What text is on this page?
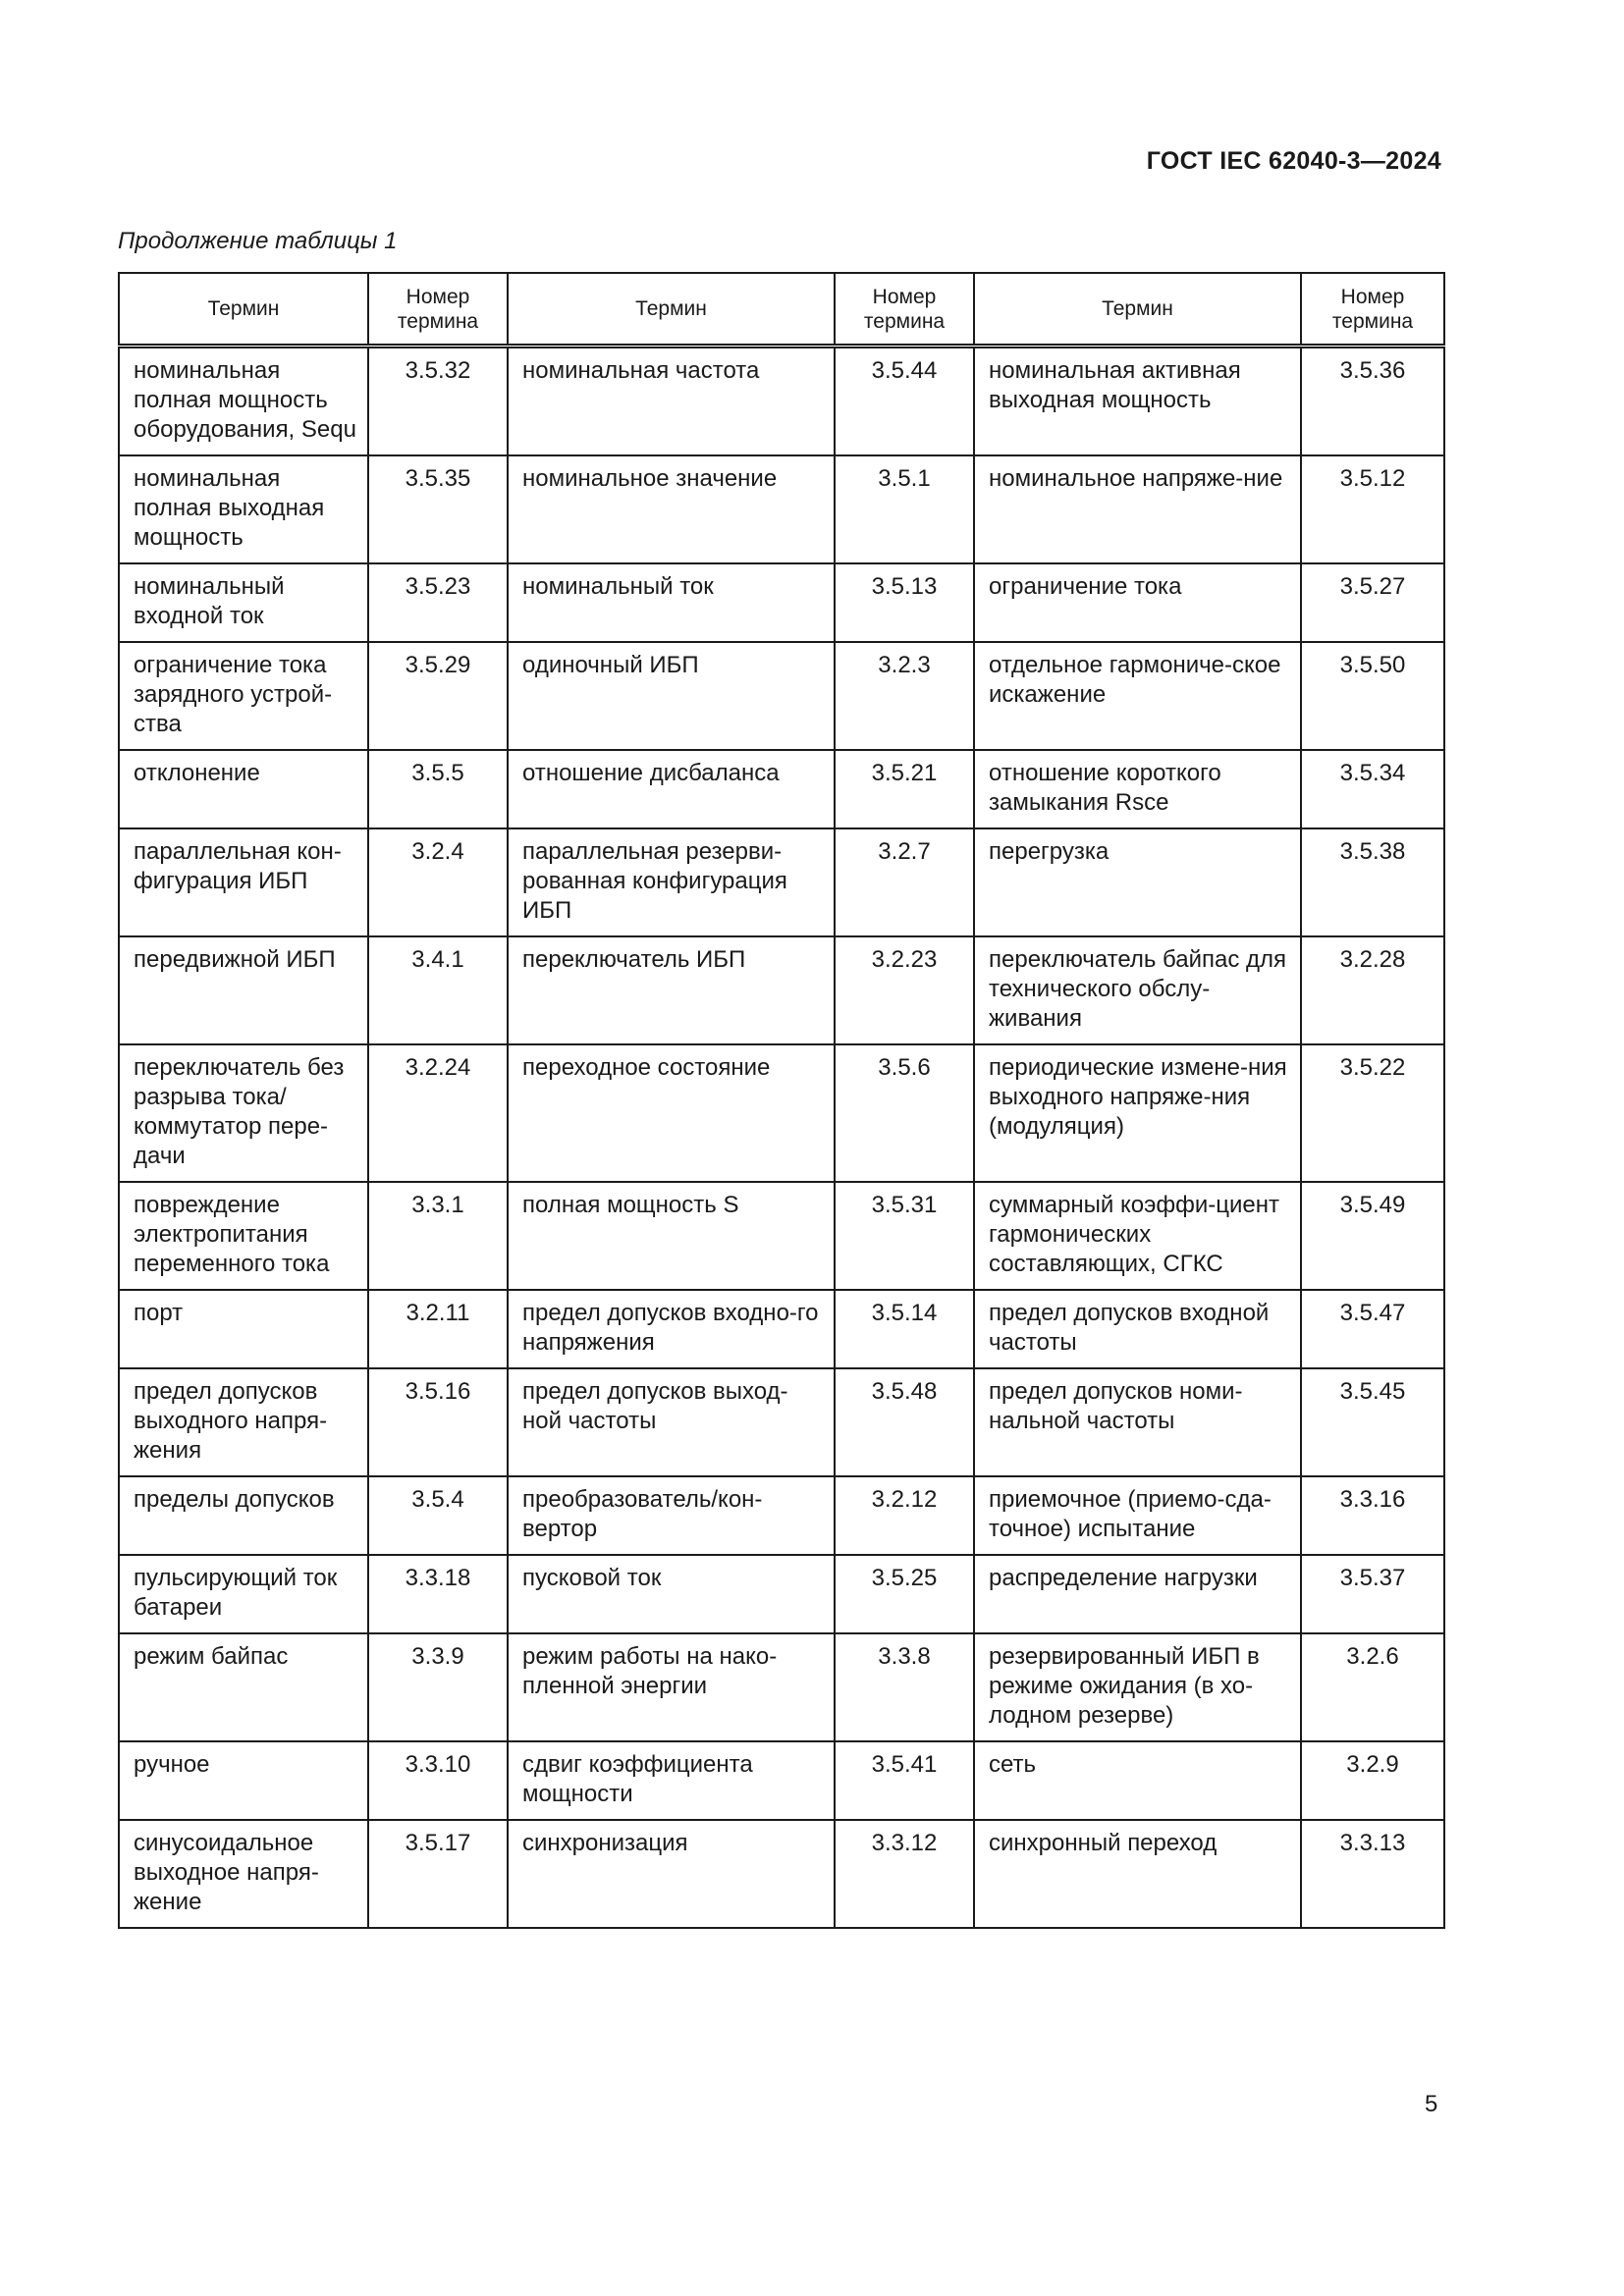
ГОСТ IEC 62040-3—2024
Продолжение таблицы 1
Термин	Номер термина	Термин	Номер термина	Термин	Номер термина
номинальная полная мощность оборудования, Sequ	3.5.32	номинальная частота	3.5.44	номинальная активная выходная мощность	3.5.36
номинальная полная выходная мощность	3.5.35	номинальное значение	3.5.1	номинальное напряже-ние	3.5.12
номинальный входной ток	3.5.23	номинальный ток	3.5.13	ограничение тока	3.5.27
ограничение тока зарядного устрой-ства	3.5.29	одиночный ИБП	3.2.3	отдельное гармониче-ское искажение	3.5.50
отклонение	3.5.5	отношение дисбаланса	3.5.21	отношение короткого замыкания Rsce	3.5.34
параллельная кон-фигурация ИБП	3.2.4	параллельная резерви-рованная конфигурация ИБП	3.2.7	перегрузка	3.5.38
передвижной ИБП	3.4.1	переключатель ИБП	3.2.23	переключатель байпас для технического обслу-живания	3.2.28
переключатель без разрыва тока/ коммутатор пере-дачи	3.2.24	переходное состояние	3.5.6	периодические измене-ния выходного напряже-ния (модуляция)	3.5.22
повреждение электропитания переменного тока	3.3.1	полная мощность S	3.5.31	суммарный коэффи-циент гармонических составляющих, СГКС	3.5.49
порт	3.2.11	предел допусков входно-го напряжения	3.5.14	предел допусков входной частоты	3.5.47
предел допусков выходного напря-жения	3.5.16	предел допусков выход-ной частоты	3.5.48	предел допусков номи-нальной частоты	3.5.45
пределы допусков	3.5.4	преобразователь/кон-вертор	3.2.12	приемочное (приемо-сда-точное) испытание	3.3.16
пульсирующий ток батареи	3.3.18	пусковой ток	3.5.25	распределение нагрузки	3.5.37
режим байпас	3.3.9	режим работы на нако-пленной энергии	3.3.8	резервированный ИБП в режиме ожидания (в хо-лодном резерве)	3.2.6
ручное	3.3.10	сдвиг коэффициента мощности	3.5.41	сеть	3.2.9
синусоидальное выходное напря-жение	3.5.17	синхронизация	3.3.12	синхронный переход	3.3.13
5
